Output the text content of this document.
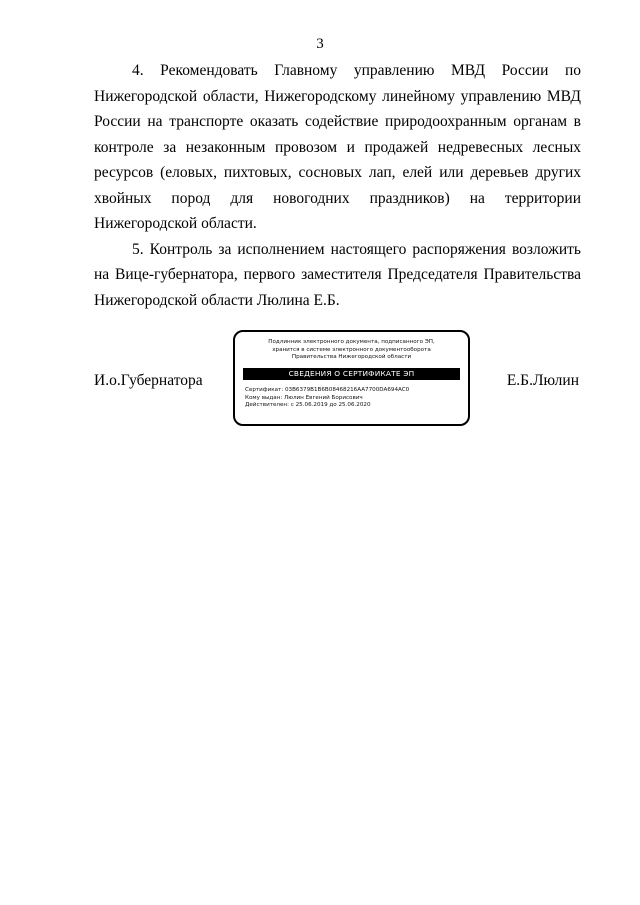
3

4. Рекомендовать Главному управлению МВД России по Нижегородской области, Нижегородскому линейному управлению МВД России на транспорте оказать содействие природоохранным органам в контроле за незаконным провозом и продажей недревесных лесных ресурсов (еловых, пихтовых, сосновых лап, елей или деревьев других хвойных пород для новогодних праздников) на территории Нижегородской области.

5. Контроль за исполнением настоящего распоряжения возложить на Вице-губернатора, первого заместителя Председателя Правительства Нижегородской области Люлина Е.Б.

И.о.Губернатора
Подлинник электронного документа, подписанного ЭП,
хранится в системе электронного документооборота
Правительства Нижегородской области
СВЕДЕНИЯ О СЕРТИФИКАТЕ ЭП
Сертификат: 03B6379B1B6B08468216AA7700DA694AC0
Кому выдан: Люлин Евгений Борисович
Действителен: с 25.06.2019 до 25.06.2020
Е.Б.Люлин
